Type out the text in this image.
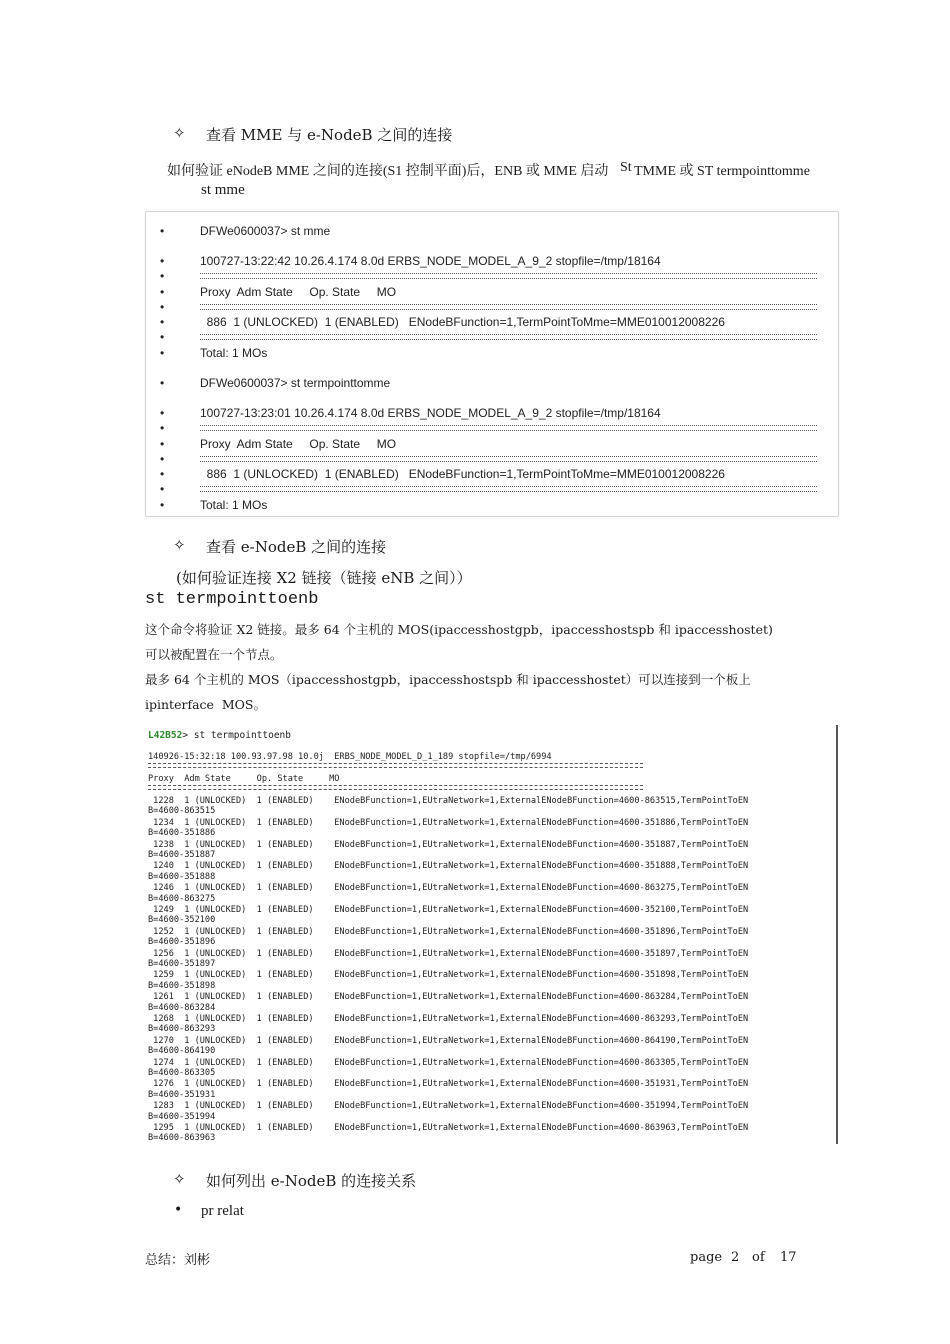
✧ 查看 MME 与 e-NodeB 之间的连接
如何验证 eNodeB MME 之间的连接(S1 控制平面)后，ENB 或 MME 启动 St TMME 或 ST termpointtomme
st mme
•	DFWe0600037> st mme
•	100727-13:22:42 10.26.4.174 8.0d ERBS_NODE_MODEL_A_9_2 stopfile=/tmp/18164
•
•	Proxy  Adm State     Op. State     MO
•
•	886  1 (UNLOCKED)  1 (ENABLED)   ENodeBFunction=1,TermPointToMme=MME010012008226
•
•	Total: 1 MOs
•	DFWe0600037> st termpointtomme
•	100727-13:23:01 10.26.4.174 8.0d ERBS_NODE_MODEL_A_9_2 stopfile=/tmp/18164
•
•	Proxy  Adm State     Op. State     MO
•
•	886  1 (UNLOCKED)  1 (ENABLED)   ENodeBFunction=1,TermPointToMme=MME010012008226
•
•	Total: 1 MOs
✧ 查看 e-NodeB 之间的连接
(如何验证连接 X2 链接（链接 eNB 之间））
st termpointtoenb
这个命令将验证 X2 链接。最多 64 个主机的 MOS(ipaccesshostgpb，ipaccesshostspb 和 ipaccesshostet)
可以被配置在一个节点。
最多 64 个主机的 MOS（ipaccesshostgpb，ipaccesshostspb 和 ipaccesshostet）可以连接到一个板上
ipinterface  MOS。
L42B52> st termpointtoenb
140926-15:32:18 100.93.97.98 10.0j  ERBS_NODE_MODEL_D_1_189 stopfile=/tmp/6994
Proxy  Adm State     Op. State     MO
1228  1 (UNLOCKED)  1 (ENABLED)    ENodeBFunction=1,EUtraNetwork=1,ExternalENodeBFunction=4600-863515,TermPointToEN
B=4600-863515
1234  1 (UNLOCKED)  1 (ENABLED)    ENodeBFunction=1,EUtraNetwork=1,ExternalENodeBFunction=4600-351886,TermPointToEN
B=4600-351886
1238  1 (UNLOCKED)  1 (ENABLED)    ENodeBFunction=1,EUtraNetwork=1,ExternalENodeBFunction=4600-351887,TermPointToEN
B=4600-351887
1240  1 (UNLOCKED)  1 (ENABLED)    ENodeBFunction=1,EUtraNetwork=1,ExternalENodeBFunction=4600-351888,TermPointToEN
B=4600-351888
1246  1 (UNLOCKED)  1 (ENABLED)    ENodeBFunction=1,EUtraNetwork=1,ExternalENodeBFunction=4600-863275,TermPointToEN
B=4600-863275
1249  1 (UNLOCKED)  1 (ENABLED)    ENodeBFunction=1,EUtraNetwork=1,ExternalENodeBFunction=4600-352100,TermPointToEN
B=4600-352100
1252  1 (UNLOCKED)  1 (ENABLED)    ENodeBFunction=1,EUtraNetwork=1,ExternalENodeBFunction=4600-351896,TermPointToEN
B=4600-351896
1256  1 (UNLOCKED)  1 (ENABLED)    ENodeBFunction=1,EUtraNetwork=1,ExternalENodeBFunction=4600-351897,TermPointToEN
B=4600-351897
1259  1 (UNLOCKED)  1 (ENABLED)    ENodeBFunction=1,EUtraNetwork=1,ExternalENodeBFunction=4600-351898,TermPointToEN
B=4600-351898
1261  1 (UNLOCKED)  1 (ENABLED)    ENodeBFunction=1,EUtraNetwork=1,ExternalENodeBFunction=4600-863284,TermPointToEN
B=4600-863284
1268  1 (UNLOCKED)  1 (ENABLED)    ENodeBFunction=1,EUtraNetwork=1,ExternalENodeBFunction=4600-863293,TermPointToEN
B=4600-863293
1270  1 (UNLOCKED)  1 (ENABLED)    ENodeBFunction=1,EUtraNetwork=1,ExternalENodeBFunction=4600-864190,TermPointToEN
B=4600-864190
1274  1 (UNLOCKED)  1 (ENABLED)    ENodeBFunction=1,EUtraNetwork=1,ExternalENodeBFunction=4600-863305,TermPointToEN
B=4600-863305
1276  1 (UNLOCKED)  1 (ENABLED)    ENodeBFunction=1,EUtraNetwork=1,ExternalENodeBFunction=4600-351931,TermPointToEN
B=4600-351931
1283  1 (UNLOCKED)  1 (ENABLED)    ENodeBFunction=1,EUtraNetwork=1,ExternalENodeBFunction=4600-351994,TermPointToEN
B=4600-351994
1295  1 (UNLOCKED)  1 (ENABLED)    ENodeBFunction=1,EUtraNetwork=1,ExternalENodeBFunction=4600-863963,TermPointToEN
B=4600-863963
✧ 如何列出 e-NodeB 的连接关系
• pr relat
总结：刘彬	page 2 of 17
